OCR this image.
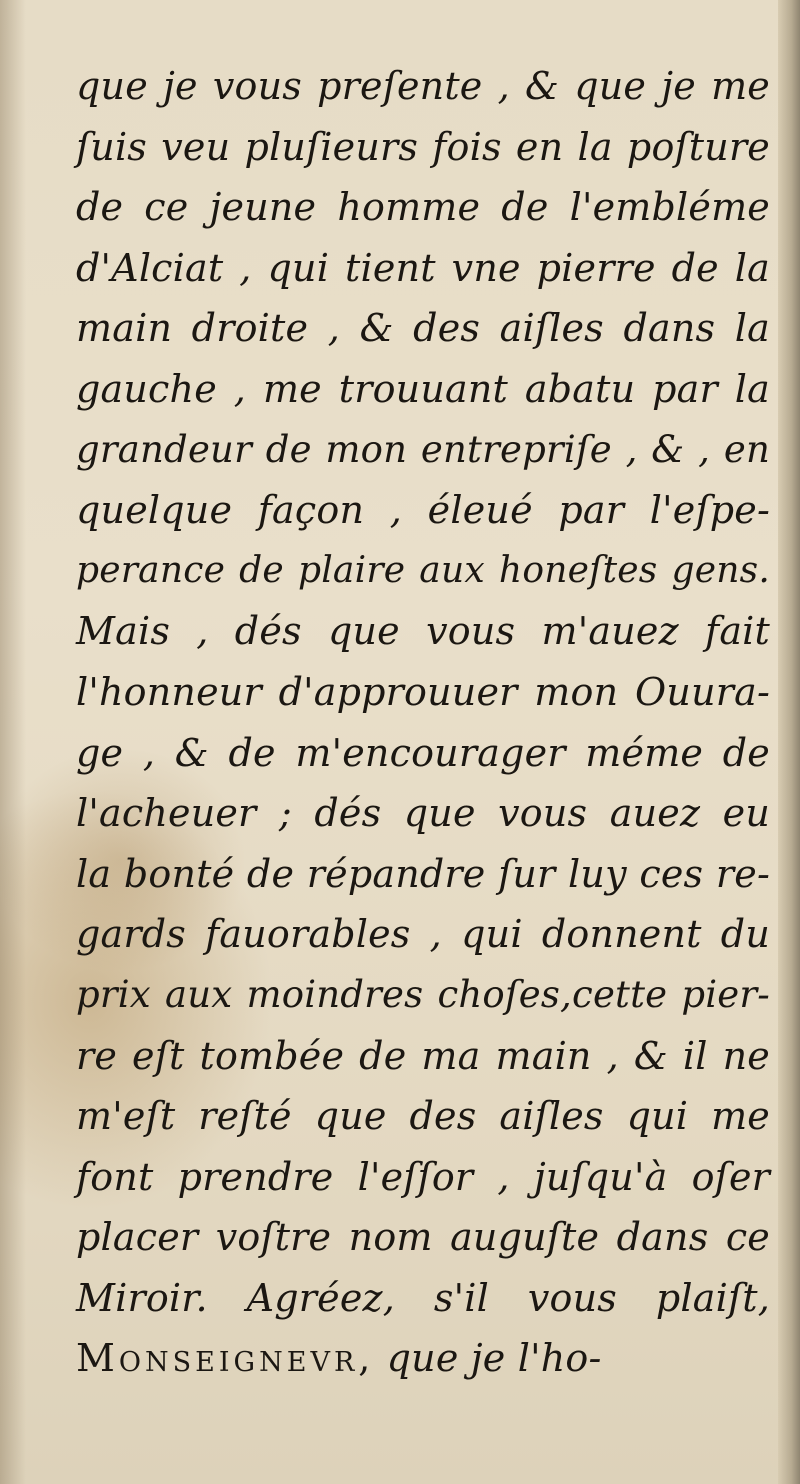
que je vous preſente , & que je me
ſuis veu pluſieurs fois en la poſture
de ce jeune homme de l'embléme
d'Alciat , qui tient vne pierre de la
main droite , & des aiſles dans la
gauche , me trouuant abatu par la
grandeur de mon entrepriſe , & , en
quelque façon , éleué par l'eſpe-
perance de plaire aux honeſtes gens.
Mais , dés que vous m'auez fait
l'honneur d'approuuer mon Ouura-
ge , & de m'encourager méme de
l'acheuer ; dés que vous auez eu
la bonté de répandre ſur luy ces re-
gards fauorables , qui donnent du
prix aux moindres choſes,cette pier-
re eſt tombée de ma main , & il ne
m'eſt reſté que des aiſles qui me
font prendre l'eſſor , juſqu'à oſer
placer voſtre nom auguſte dans ce
Miroir. Agréez, s'il vous plaiſt,
Monseignevr, que je l'ho-
